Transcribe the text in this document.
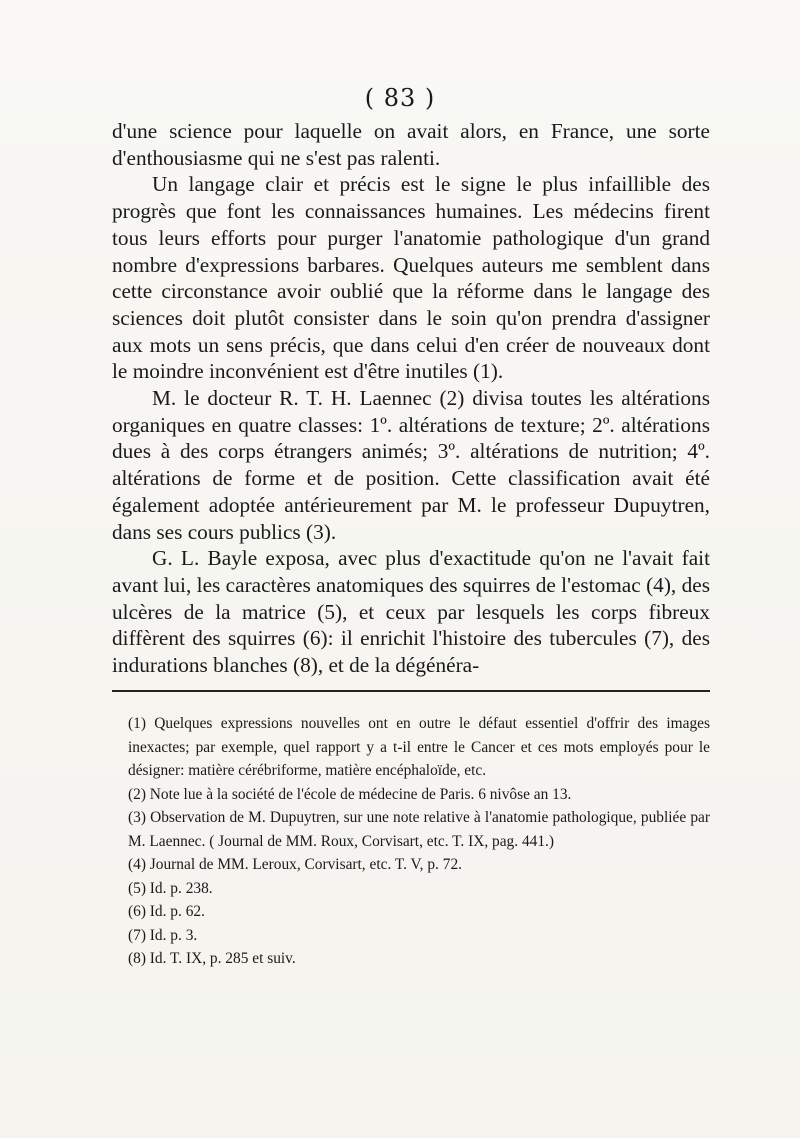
( 83 )

d'une science pour laquelle on avait alors, en France, une sorte d'enthousiasme qui ne s'est pas ralenti.

Un langage clair et précis est le signe le plus infaillible des progrès que font les connaissances humaines. Les médecins firent tous leurs efforts pour purger l'anatomie pathologique d'un grand nombre d'expressions barbares. Quelques auteurs me semblent dans cette circonstance avoir oublié que la réforme dans le langage des sciences doit plutôt consister dans le soin qu'on prendra d'assigner aux mots un sens précis, que dans celui d'en créer de nouveaux dont le moindre inconvénient est d'être inutiles (1).

M. le docteur R. T. H. Laennec (2) divisa toutes les altérations organiques en quatre classes: 1º. altérations de texture; 2º. altérations dues à des corps étrangers animés; 3º. altérations de nutrition; 4º. altérations de forme et de position. Cette classification avait été également adoptée antérieurement par M. le professeur Dupuytren, dans ses cours publics (3).

G. L. Bayle exposa, avec plus d'exactitude qu'on ne l'avait fait avant lui, les caractères anatomiques des squirres de l'estomac (4), des ulcères de la matrice (5), et ceux par lesquels les corps fibreux diffèrent des squirres (6): il enrichit l'histoire des tubercules (7), des indurations blanches (8), et de la dégénéra-

(1) Quelques expressions nouvelles ont en outre le défaut essentiel d'offrir des images inexactes; par exemple, quel rapport y a t-il entre le Cancer et ces mots employés pour le désigner: matière cérébriforme, matière encéphaloïde, etc.

(2) Note lue à la société de l'école de médecine de Paris. 6 nivôse an 13.

(3) Observation de M. Dupuytren, sur une note relative à l'anatomie pathologique, publiée par M. Laennec. ( Journal de MM. Roux, Corvisart, etc. T. IX, pag. 441.)

(4) Journal de MM. Leroux, Corvisart, etc. T. V, p. 72.

(5) Id. p. 238.

(6) Id. p. 62.

(7) Id. p. 3.

(8) Id. T. IX, p. 285 et suiv.
